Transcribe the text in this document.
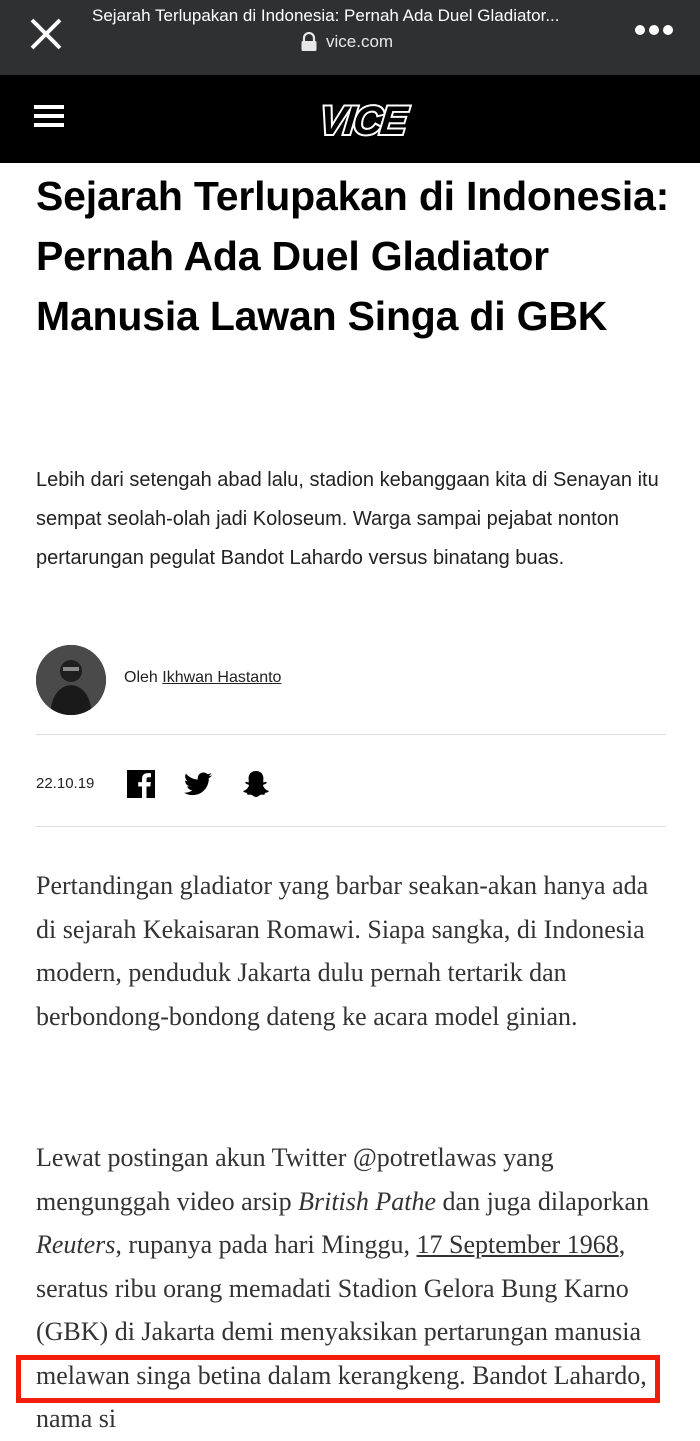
Sejarah Terlupakan di Indonesia: Pernah Ada Duel Gladiator...
vice.com
VICE
Sejarah Terlupakan di Indonesia: Pernah Ada Duel Gladiator Manusia Lawan Singa di GBK

Lebih dari setengah abad lalu, stadion kebanggaan kita di Senayan itu sempat seolah-olah jadi Koloseum. Warga sampai pejabat nonton pertarungan pegulat Bandot Lahardo versus binatang buas.

Oleh Ikhwan Hastanto
22.10.19

Pertandingan gladiator yang barbar seakan-akan hanya ada di sejarah Kekaisaran Romawi. Siapa sangka, di Indonesia modern, penduduk Jakarta dulu pernah tertarik dan berbondong-bondong dateng ke acara model ginian.

Lewat postingan akun Twitter @potretlawas yang mengunggah video arsip British Pathe dan juga dilaporkan Reuters, rupanya pada hari Minggu, 17 September 1968, seratus ribu orang memadati Stadion Gelora Bung Karno (GBK) di Jakarta demi menyaksikan pertarungan manusia melawan singa betina dalam kerangkeng. Bandot Lahardo, nama si
